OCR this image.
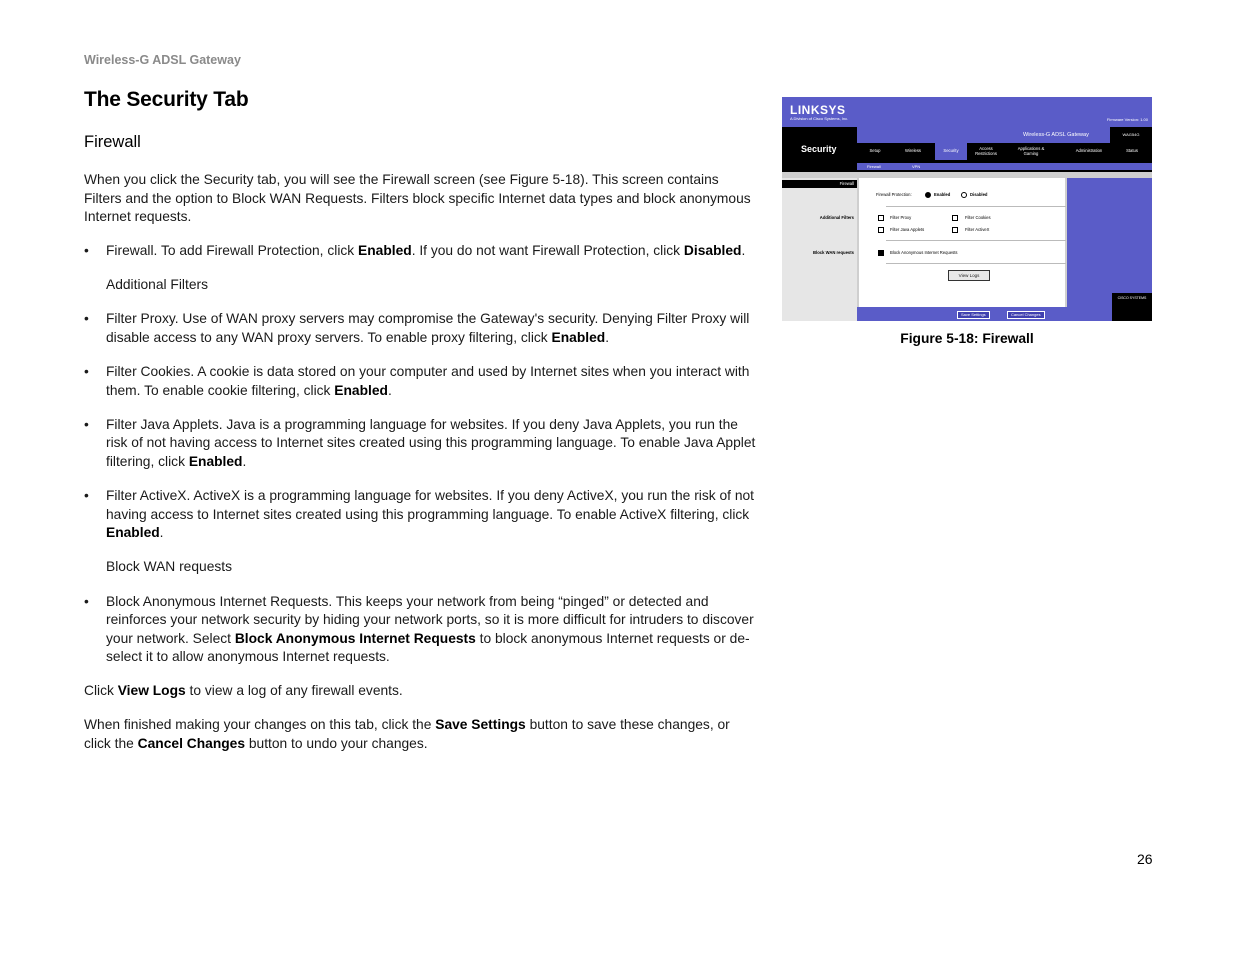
Wireless-G ADSL Gateway
The Security Tab
Firewall

When you click the Security tab, you will see the Firewall screen (see Figure 5-18). This screen contains Filters and the option to Block WAN Requests. Filters block specific Internet data types and block anonymous Internet requests.

• Firewall. To add Firewall Protection, click Enabled. If you do not want Firewall Protection, click Disabled.
Additional Filters
• Filter Proxy. Use of WAN proxy servers may compromise the Gateway's security. Denying Filter Proxy will disable access to any WAN proxy servers. To enable proxy filtering, click Enabled.
• Filter Cookies. A cookie is data stored on your computer and used by Internet sites when you interact with them. To enable cookie filtering, click Enabled.
• Filter Java Applets. Java is a programming language for websites. If you deny Java Applets, you run the risk of not having access to Internet sites created using this programming language. To enable Java Applet filtering, click Enabled.
• Filter ActiveX. ActiveX is a programming language for websites. If you deny ActiveX, you run the risk of not having access to Internet sites created using this programming language. To enable ActiveX filtering, click Enabled.
Block WAN requests
• Block Anonymous Internet Requests. This keeps your network from being “pinged” or detected and reinforces your network security by hiding your network ports, so it is more difficult for intruders to discover your network. Select Block Anonymous Internet Requests to block anonymous Internet requests or de-select it to allow anonymous Internet requests.

Click View Logs to view a log of any firewall events.

When finished making your changes on this tab, click the Save Settings button to save these changes, or click the Cancel Changes button to undo your changes.

LINKSYS
A Division of Cisco Systems, Inc.	Firmware Version: 1.00
Security
Wireless-G ADSL Gateway	WAG54G
Setup	Wireless	Security	Access Restrictions
Applications & Gaming
Administration	Status
Firewall	VPN
Firewall
Additional Filters
Block WAN requests
Firewall Protection:	Enabled	Disabled
Filter Proxy	Filter Cookies
Filter Java Applets	Filter ActiveX
Block Anonymous Internet Requests
View Logs
Save Settings	Cancel Changes
CISCO SYSTEMS
Figure 5-18: Firewall
26
